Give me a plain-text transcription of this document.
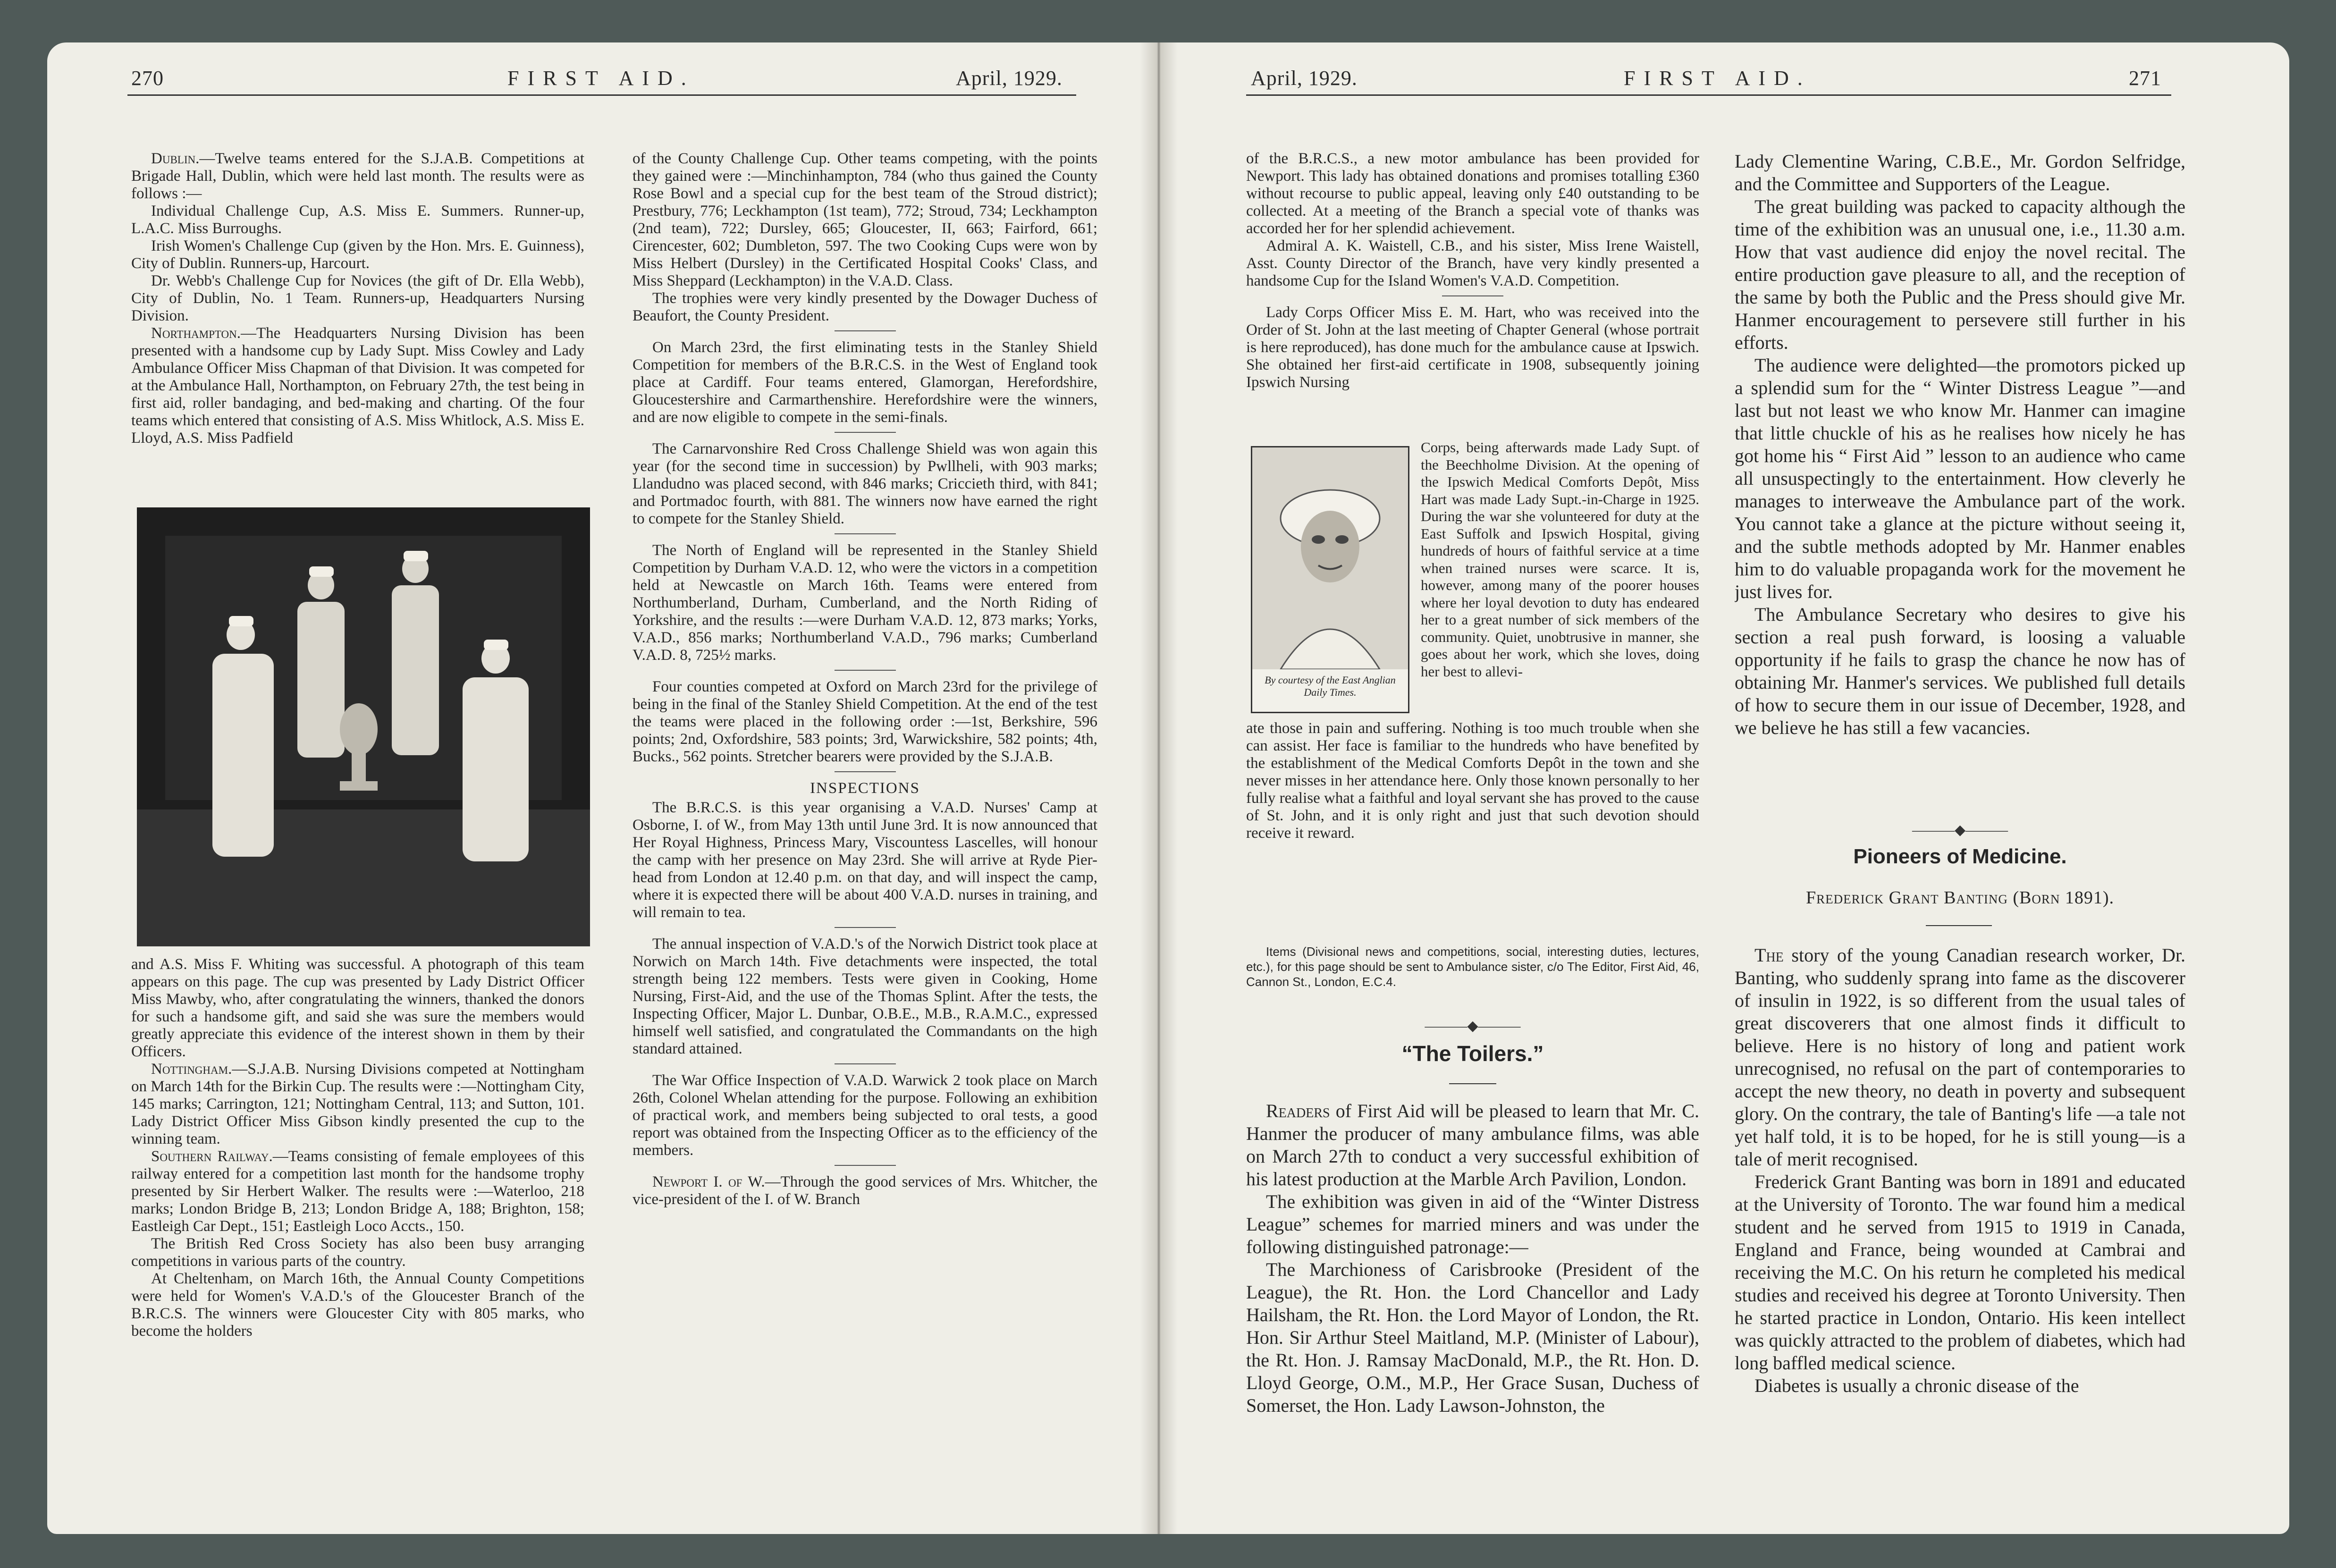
270	FIRST AID.	April, 1929.	April, 1929.	FIRST AID.	271

Dublin.—Twelve teams entered for the S.J.A.B. Competitions at Brigade Hall, Dublin, which were held last month. The results were as follows :—

Individual Challenge Cup, A.S. Miss E. Summers. Runner-up, L.A.C. Miss Burroughs.

Irish Women's Challenge Cup (given by the Hon. Mrs. E. Guinness), City of Dublin. Runners-up, Harcourt.

Dr. Webb's Challenge Cup for Novices (the gift of Dr. Ella Webb), City of Dublin, No. 1 Team. Runners-up, Headquarters Nursing Division.

Northampton.—The Headquarters Nursing Division has been presented with a handsome cup by Lady Supt. Miss Cowley and Lady Ambulance Officer Miss Chapman of that Division. It was competed for at the Ambulance Hall, Northampton, on February 27th, the test being in first aid, roller bandaging, and bed-making and charting. Of the four teams which entered that consisting of A.S. Miss Whitlock, A.S. Miss E. Lloyd, A.S. Miss Padfield

and A.S. Miss F. Whiting was successful. A photograph of this team appears on this page. The cup was presented by Lady District Officer Miss Mawby, who, after congratulating the winners, thanked the donors for such a handsome gift, and said she was sure the members would greatly appreciate this evidence of the interest shown in them by their Officers.

Nottingham.—S.J.A.B. Nursing Divisions competed at Nottingham on March 14th for the Birkin Cup. The results were :—Nottingham City, 145 marks; Carrington, 121; Nottingham Central, 113; and Sutton, 101. Lady District Officer Miss Gibson kindly presented the cup to the winning team.

Southern Railway.—Teams consisting of female employees of this railway entered for a competition last month for the handsome trophy presented by Sir Herbert Walker. The results were :—Waterloo, 218 marks; London Bridge B, 213; London Bridge A, 188; Brighton, 158; Eastleigh Car Dept., 151; Eastleigh Loco Accts., 150.

The British Red Cross Society has also been busy arranging competitions in various parts of the country.

At Cheltenham, on March 16th, the Annual County Competitions were held for Women's V.A.D.'s of the Gloucester Branch of the B.R.C.S. The winners were Gloucester City with 805 marks, who become the holders

of the County Challenge Cup. Other teams competing, with the points they gained were :—Minchinhampton, 784 (who thus gained the County Rose Bowl and a special cup for the best team of the Stroud district); Prestbury, 776; Leckhampton (1st team), 772; Stroud, 734; Leckhampton (2nd team), 722; Dursley, 665; Gloucester, II, 663; Fairford, 661; Cirencester, 602; Dumbleton, 597. The two Cooking Cups were won by Miss Helbert (Dursley) in the Certificated Hospital Cooks' Class, and Miss Sheppard (Leckhampton) in the V.A.D. Class.

The trophies were very kindly presented by the Dowager Duchess of Beaufort, the County President.

On March 23rd, the first eliminating tests in the Stanley Shield Competition for members of the B.R.C.S. in the West of England took place at Cardiff. Four teams entered, Glamorgan, Herefordshire, Gloucestershire and Carmarthenshire. Herefordshire were the winners, and are now eligible to compete in the semi-finals.

The Carnarvonshire Red Cross Challenge Shield was won again this year (for the second time in succession) by Pwllheli, with 903 marks; Llandudno was placed second, with 846 marks; Criccieth third, with 841; and Portmadoc fourth, with 881. The winners now have earned the right to compete for the Stanley Shield.

The North of England will be represented in the Stanley Shield Competition by Durham V.A.D. 12, who were the victors in a competition held at Newcastle on March 16th. Teams were entered from Northumberland, Durham, Cumberland, and the North Riding of Yorkshire, and the results :—were Durham V.A.D. 12, 873 marks; Yorks, V.A.D., 856 marks; Northumberland V.A.D., 796 marks; Cumberland V.A.D. 8, 725½ marks.

Four counties competed at Oxford on March 23rd for the privilege of being in the final of the Stanley Shield Competition. At the end of the test the teams were placed in the following order :—1st, Berkshire, 596 points; 2nd, Oxfordshire, 583 points; 3rd, Warwickshire, 582 points; 4th, Bucks., 562 points. Stretcher bearers were provided by the S.J.A.B.

INSPECTIONS

The B.R.C.S. is this year organising a V.A.D. Nurses' Camp at Osborne, I. of W., from May 13th until June 3rd. It is now announced that Her Royal Highness, Princess Mary, Viscountess Lascelles, will honour the camp with her presence on May 23rd. She will arrive at Ryde Pier-head from London at 12.40 p.m. on that day, and will inspect the camp, where it is expected there will be about 400 V.A.D. nurses in training, and will remain to tea.

The annual inspection of V.A.D.'s of the Norwich District took place at Norwich on March 14th. Five detachments were inspected, the total strength being 122 members. Tests were given in Cooking, Home Nursing, First-Aid, and the use of the Thomas Splint. After the tests, the Inspecting Officer, Major L. Dunbar, O.B.E., M.B., R.A.M.C., expressed himself well satisfied, and congratulated the Commandants on the high standard attained.

The War Office Inspection of V.A.D. Warwick 2 took place on March 26th, Colonel Whelan attending for the purpose. Following an exhibition of practical work, and members being subjected to oral tests, a good report was obtained from the Inspecting Officer as to the efficiency of the members.

Newport I. of W.—Through the good services of Mrs. Whitcher, the vice-president of the I. of W. Branch

of the B.R.C.S., a new motor ambulance has been provided for Newport. This lady has obtained donations and promises totalling £360 without recourse to public appeal, leaving only £40 outstanding to be collected. At a meeting of the Branch a special vote of thanks was accorded her for her splendid achievement.

Admiral A. K. Waistell, C.B., and his sister, Miss Irene Waistell, Asst. County Director of the Branch, have very kindly presented a handsome Cup for the Island Women's V.A.D. Competition.

Lady Corps Officer Miss E. M. Hart, who was received into the Order of St. John at the last meeting of Chapter General (whose portrait is here reproduced), has done much for the ambulance cause at Ipswich. She obtained her first-aid certificate in 1908, subsequently joining Ipswich Nursing

By courtesy of the East Anglian Daily Times.

Corps, being afterwards made Lady Supt. of the Beechholme Division. At the opening of the Ipswich Medical Comforts Depôt, Miss Hart was made Lady Supt.-in-Charge in 1925. During the war she volunteered for duty at the East Suffolk and Ipswich Hospital, giving hundreds of hours of faithful service at a time when trained nurses were scarce. It is, however, among many of the poorer houses where her loyal devotion to duty has endeared her to a great number of sick members of the community. Quiet, unobtrusive in manner, she goes about her work, which she loves, doing her best to allevi-

ate those in pain and suffering. Nothing is too much trouble when she can assist. Her face is familiar to the hundreds who have benefited by the establishment of the Medical Comforts Depôt in the town and she never misses in her attendance here. Only those known personally to her fully realise what a faithful and loyal servant she has proved to the cause of St. John, and it is only right and just that such devotion should receive it reward.

Items (Divisional news and competitions, social, interesting duties, lectures, etc.), for this page should be sent to Ambulance sister, c/o The Editor, First Aid, 46, Cannon St., London, E.C.4.

———◆———
“The Toilers.”

Readers of First Aid will be pleased to learn that Mr. C. Hanmer the producer of many ambulance films, was able on March 27th to conduct a very successful exhibition of his latest production at the Marble Arch Pavilion, London.

The exhibition was given in aid of the “Winter Distress League” schemes for married miners and was under the following distinguished patronage:—

The Marchioness of Carisbrooke (President of the League), the Rt. Hon. the Lord Chancellor and Lady Hailsham, the Rt. Hon. the Lord Mayor of London, the Rt. Hon. Sir Arthur Steel Maitland, M.P. (Minister of Labour), the Rt. Hon. J. Ramsay MacDonald, M.P., the Rt. Hon. D. Lloyd George, O.M., M.P., Her Grace Susan, Duchess of Somerset, the Hon. Lady Lawson-Johnston, the

Lady Clementine Waring, C.B.E., Mr. Gordon Selfridge, and the Committee and Supporters of the League.

The great building was packed to capacity although the time of the exhibition was an unusual one, i.e., 11.30 a.m. How that vast audience did enjoy the novel recital. The entire production gave pleasure to all, and the reception of the same by both the Public and the Press should give Mr. Hanmer encouragement to persevere still further in his efforts.

The audience were delighted—the promotors picked up a splendid sum for the “ Winter Distress League ”—and last but not least we who know Mr. Hanmer can imagine that little chuckle of his as he realises how nicely he has got home his “ First Aid ” lesson to an audience who came all unsuspectingly to the entertainment. How cleverly he manages to interweave the Ambulance part of the work. You cannot take a glance at the picture without seeing it, and the subtle methods adopted by Mr. Hanmer enables him to do valuable propaganda work for the movement he just lives for.

The Ambulance Secretary who desires to give his section a real push forward, is loosing a valuable opportunity if he fails to grasp the chance he now has of obtaining Mr. Hanmer's services. We published full details of how to secure them in our issue of December, 1928, and we believe he has still a few vacancies.

———◆———
Pioneers of Medicine.
Frederick Grant Banting (Born 1891).

The story of the young Canadian research worker, Dr. Banting, who suddenly sprang into fame as the discoverer of insulin in 1922, is so different from the usual tales of great discoverers that one almost finds it difficult to believe. Here is no history of long and patient work unrecognised, no refusal on the part of contemporaries to accept the new theory, no death in poverty and subsequent glory. On the contrary, the tale of Banting's life —a tale not yet half told, it is to be hoped, for he is still young—is a tale of merit recognised.

Frederick Grant Banting was born in 1891 and educated at the University of Toronto. The war found him a medical student and he served from 1915 to 1919 in Canada, England and France, being wounded at Cambrai and receiving the M.C. On his return he completed his medical studies and received his degree at Toronto University. Then he started practice in London, Ontario. His keen intellect was quickly attracted to the problem of diabetes, which had long baffled medical science.

Diabetes is usually a chronic disease of the
